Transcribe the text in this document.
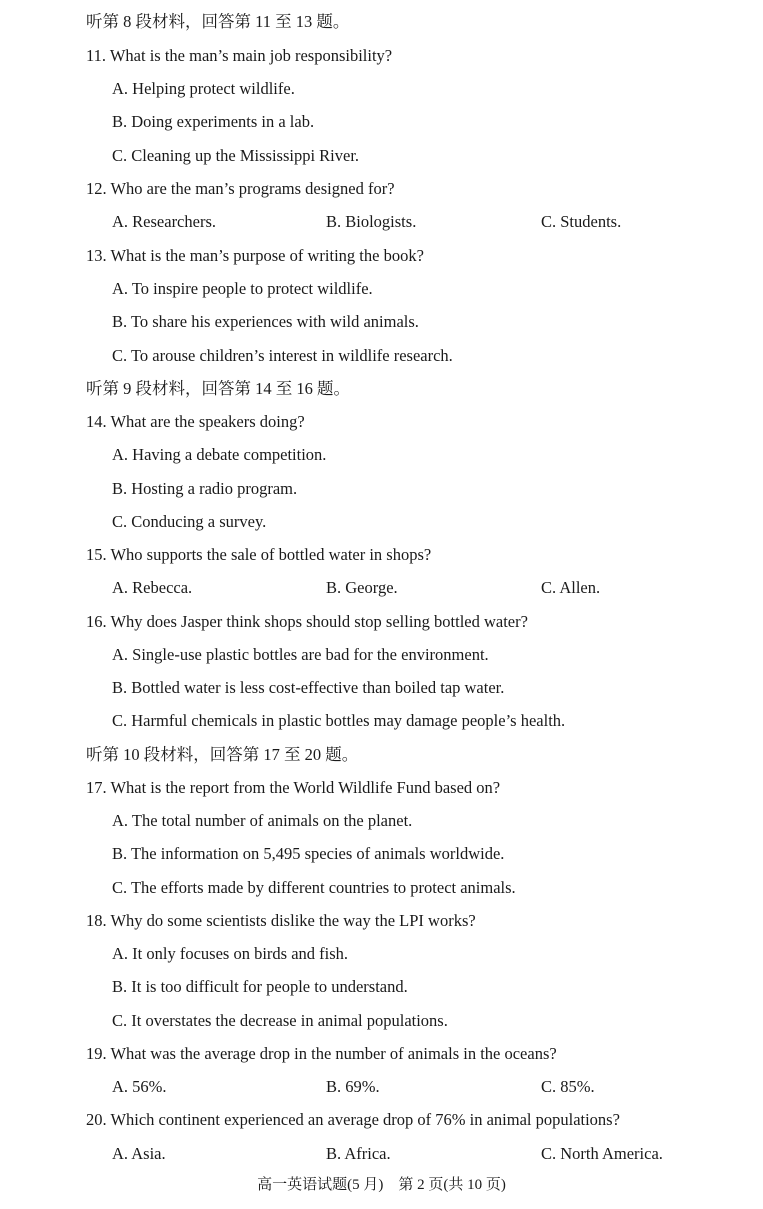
听第 8 段材料，回答第 11 至 13 题。
11. What is the man’s main job responsibility?
A. Helping protect wildlife.
B. Doing experiments in a lab.
C. Cleaning up the Mississippi River.
12. Who are the man’s programs designed for?
A. Researchers.	B. Biologists.	C. Students.
13. What is the man’s purpose of writing the book?
A. To inspire people to protect wildlife.
B. To share his experiences with wild animals.
C. To arouse children’s interest in wildlife research.
听第 9 段材料，回答第 14 至 16 题。
14. What are the speakers doing?
A. Having a debate competition.
B. Hosting a radio program.
C. Conducing a survey.
15. Who supports the sale of bottled water in shops?
A. Rebecca.	B. George.	C. Allen.
16. Why does Jasper think shops should stop selling bottled water?
A. Single-use plastic bottles are bad for the environment.
B. Bottled water is less cost-effective than boiled tap water.
C. Harmful chemicals in plastic bottles may damage people’s health.
听第 10 段材料，回答第 17 至 20 题。
17. What is the report from the World Wildlife Fund based on?
A. The total number of animals on the planet.
B. The information on 5,495 species of animals worldwide.
C. The efforts made by different countries to protect animals.
18. Why do some scientists dislike the way the LPI works?
A. It only focuses on birds and fish.
B. It is too difficult for people to understand.
C. It overstates the decrease in animal populations.
19. What was the average drop in the number of animals in the oceans?
A. 56%.	B. 69%.	C. 85%.
20. Which continent experienced an average drop of 76% in animal populations?
A. Asia.	B. Africa.	C. North America.
高一英语试题(5 月)　第 2 页(共 10 页)
